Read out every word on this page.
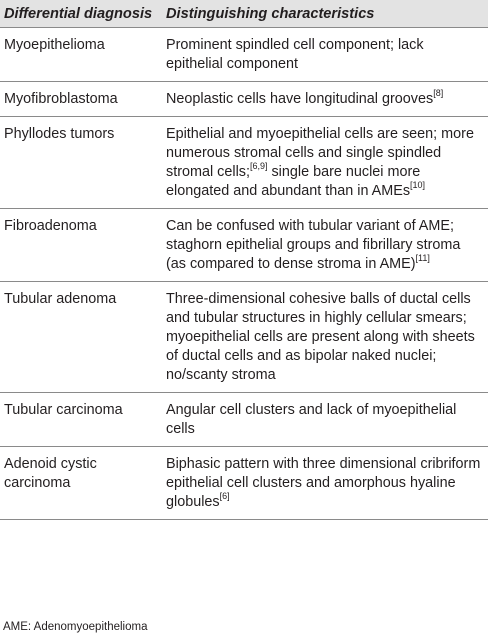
Differential diagnosis	Distinguishing characteristics
Myoepithelioma	Prominent spindled cell component; lack epithelial component
Myofibroblastoma	Neoplastic cells have longitudinal grooves[8]
Phyllodes tumors	Epithelial and myoepithelial cells are seen; more numerous stromal cells and single spindled stromal cells;[6,9] single bare nuclei more elongated and abundant than in AMEs[10]
Fibroadenoma	Can be confused with tubular variant of AME; staghorn epithelial groups and fibrillary stroma (as compared to dense stroma in AME)[11]
Tubular adenoma	Three-dimensional cohesive balls of ductal cells and tubular structures in highly cellular smears; myoepithelial cells are present along with sheets of ductal cells and as bipolar naked nuclei; no/scanty stroma
Tubular carcinoma	Angular cell clusters and lack of myoepithelial cells
Adenoid cystic carcinoma	Biphasic pattern with three dimensional cribriform epithelial cell clusters and amorphous hyaline globules[6]
AME: Adenomyoepithelioma
